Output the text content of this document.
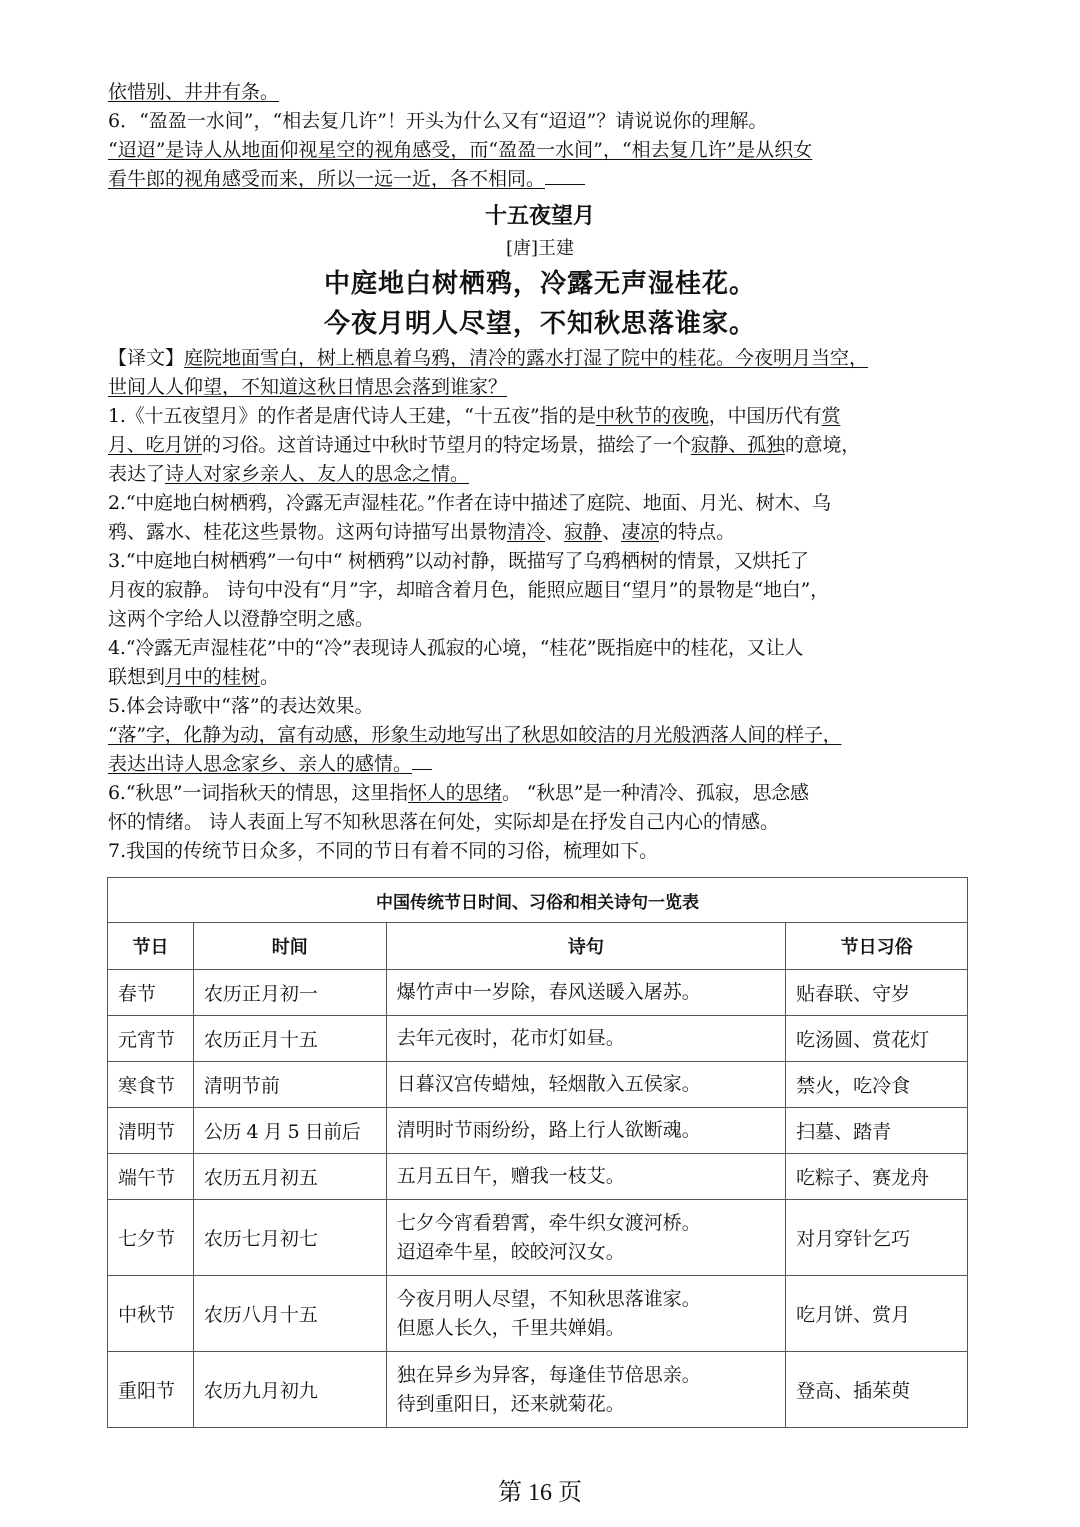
依惜别、井井有条。
6．“盈盈一水间”，“相去复几许”！开头为什么又有“迢迢”？请说说你的理解。
“迢迢”是诗人从地面仰视星空的视角感受，而“盈盈一水间”，“相去复几许”是从织女
看牛郎的视角感受而来，所以一远一近，各不相同。
十五夜望月
[唐]王建
中庭地白树栖鸦，冷露无声湿桂花。
今夜月明人尽望，不知秋思落谁家。
【译文】庭院地面雪白，树上栖息着乌鸦，清冷的露水打湿了院中的桂花。今夜明月当空，
世间人人仰望，不知道这秋日情思会落到谁家？
1.《十五夜望月》的作者是唐代诗人王建，“十五夜”指的是中秋节的夜晚，中国历代有赏
月、吃月饼的习俗。这首诗通过中秋时节望月的特定场景，描绘了一个寂静、孤独的意境，
表达了诗人对家乡亲人、友人的思念之情。
2.“中庭地白树栖鸦，冷露无声湿桂花。”作者在诗中描述了庭院、地面、月光、树木、乌
鸦、露水、桂花这些景物。这两句诗描写出景物清冷、寂静、凄凉的特点。
3.“中庭地白树栖鸦”一句中“ 树栖鸦”以动衬静，既描写了乌鸦栖树的情景，又烘托了
月夜的寂静。 诗句中没有“月”字，却暗含着月色，能照应题目“望月”的景物是“地白”，
这两个字给人以澄静空明之感。
4.“冷露无声湿桂花”中的“冷”表现诗人孤寂的心境，“桂花”既指庭中的桂花，又让人
联想到月中的桂树。
5.体会诗歌中“落”的表达效果。
“落”字，化静为动，富有动感，形象生动地写出了秋思如皎洁的月光般洒落人间的样子，
表达出诗人思念家乡、亲人的感情。
6.“秋思”一词指秋天的情思，这里指怀人的思绪。 “秋思”是一种清冷、孤寂，思念感
怀的情绪。 诗人表面上写不知秋思落在何处，实际却是在抒发自己内心的情感。
7.我国的传统节日众多，不同的节日有着不同的习俗，梳理如下。
中国传统节日时间、习俗和相关诗句一览表			
节日	时间	诗句	节日习俗
春节	农历正月初一	爆竹声中一岁除，春风送暖入屠苏。	贴春联、守岁
元宵节	农历正月十五	去年元夜时，花市灯如昼。	吃汤圆、赏花灯
寒食节	清明节前	日暮汉宫传蜡烛，轻烟散入五侯家。	禁火，吃冷食
清明节	公历 4 月 5 日前后	清明时节雨纷纷，路上行人欲断魂。	扫墓、踏青
端午节	农历五月初五	五月五日午，赠我一枝艾。	吃粽子、赛龙舟
七夕节	农历七月初七	七夕今宵看碧霄，牵牛织女渡河桥。
迢迢牵牛星，皎皎河汉女。	对月穿针乞巧
中秋节	农历八月十五	今夜月明人尽望，不知秋思落谁家。
但愿人长久，千里共婵娟。	吃月饼、赏月
重阳节	农历九月初九	独在异乡为异客，每逢佳节倍思亲。
待到重阳日，还来就菊花。	登高、插茱萸
第 16 页
